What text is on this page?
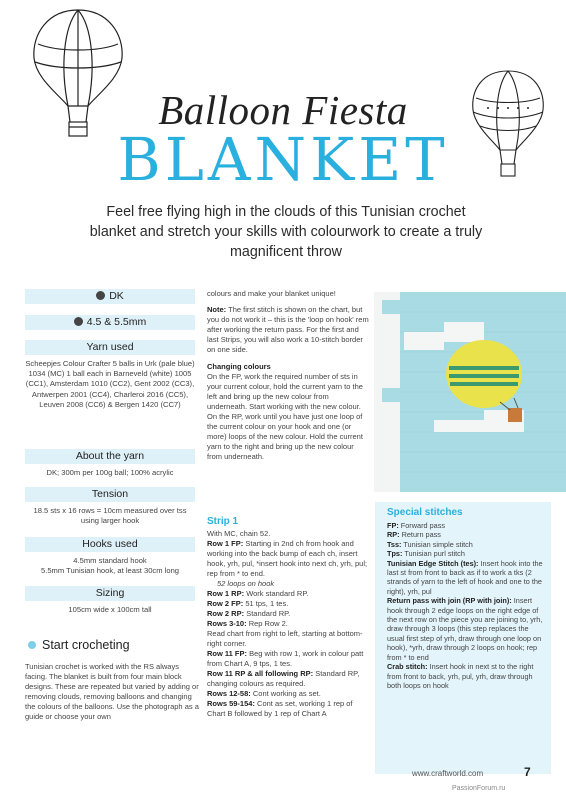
Balloon Fiesta
BLANKET
Feel free flying high in the clouds of this Tunisian crochet blanket and stretch your skills with colourwork to create a truly magnificent throw
DK
4.5 & 5.5mm
Yarn used
Scheepjes Colour Crafter 5 balls in Urk (pale blue) 1034 (MC) 1 ball each in Barneveld (white) 1005 (CC1), Amsterdam 1010 (CC2), Gent 2002 (CC3), Antwerpen 2001 (CC4), Charleroi 2016 (CC5), Leuven 2008 (CC6) & Bergen 1420 (CC7)
About the yarn
DK; 300m per 100g ball; 100% acrylic
Tension
18.5 sts x 16 rows = 10cm measured over tss using larger hook
Hooks used
4.5mm standard hook
5.5mm Tunisian hook, at least 30cm long
Sizing
105cm wide x 100cm tall
Start crocheting
Tunisian crochet is worked with the RS always facing. The blanket is built from four main block designs. These are repeated but varied by adding or removing clouds, removing balloons and changing the colours of the balloons. Use the photograph as a guide or choose your own
colours and make your blanket unique!
Note: The first stitch is shown on the chart, but you do not work it – this is the 'loop on hook' rem after working the return pass. For the first and last Strips, you will also work a 10-stitch border on one side.
Changing colours
On the FP, work the required number of sts in your current colour, hold the current yarn to the left and bring up the new colour from underneath. Start working with the new colour.
On the RP, work until you have just one loop of the current colour on your hook and one (or more) loops of the new colour. Hold the current yarn to the right and bring up the new colour from underneath.
Strip 1
With MC, chain 52.
Row 1 FP: Starting in 2nd ch from hook and working into the back bump of each ch, insert hook, yrh, pul, *insert hook into next ch, yrh, pul; rep from * to end.
52 loops on hook
Row 1 RP: Work standard RP.
Row 2 FP: 51 tps, 1 tes.
Row 2 RP: Standard RP.
Rows 3-10: Rep Row 2.
Read chart from right to left, starting at bottom-right corner.
Row 11 FP: Beg with row 1, work in colour patt from Chart A, 9 tps, 1 tes.
Row 11 RP & all following RP: Standard RP, changing colours as required.
Rows 12-58: Cont working as set.
Rows 59-154: Cont as set, working 1 rep of Chart B followed by 1 rep of Chart A
Special stitches
FP: Forward pass
RP: Return pass
Tss: Tunisian simple stitch
Tps: Tunisian purl stitch
Tunisian Edge Stitch (tes): Insert hook into the last st from front to back as if to work a tks (2 strands of yarn to the left of hook and one to the right), yrh, pul
Return pass with join (RP with join): Insert hook through 2 edge loops on the right edge of the next row on the piece you are joining to, yrh, draw through 3 loops (this step replaces the usual first step of yrh, draw through one loop on hook), *yrh, draw through 2 loops on hook; rep from * to end
Crab stitch: Insert hook in next st to the right from front to back, yrh, pul, yrh, draw through both loops on hook
www.craftworld.com	7
PassionForum.ru
